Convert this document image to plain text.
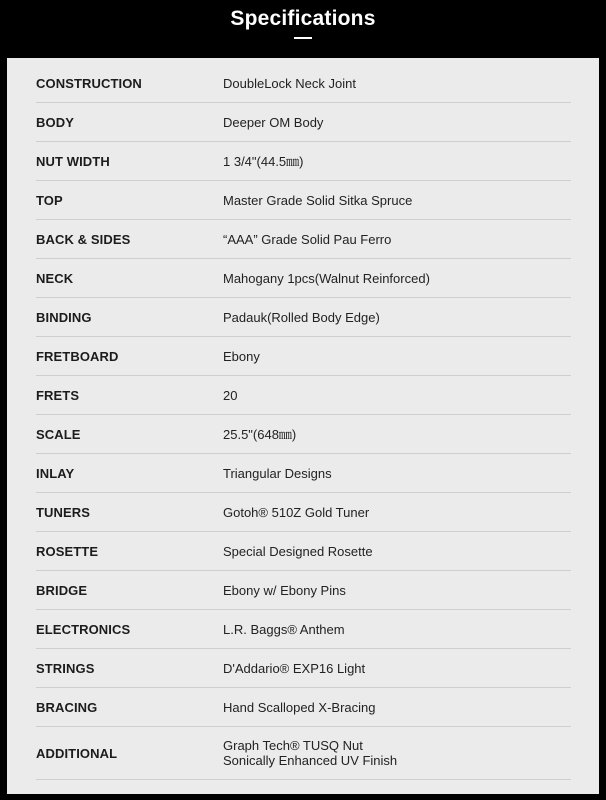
Specifications
CONSTRUCTION	DoubleLock Neck Joint
BODY	Deeper OM Body
NUT WIDTH	1 3/4"(44.5㎜)
TOP	Master Grade Solid Sitka Spruce
BACK & SIDES	“AAA” Grade Solid Pau Ferro
NECK	Mahogany 1pcs(Walnut Reinforced)
BINDING	Padauk(Rolled Body Edge)
FRETBOARD	Ebony
FRETS	20
SCALE	25.5"(648㎜)
INLAY	Triangular Designs
TUNERS	Gotoh® 510Z Gold Tuner
ROSETTE	Special Designed Rosette
BRIDGE	Ebony w/ Ebony Pins
ELECTRONICS	L.R. Baggs® Anthem
STRINGS	D'Addario® EXP16 Light
BRACING	Hand Scalloped X-Bracing
ADDITIONAL	Graph Tech® TUSQ Nut
Sonically Enhanced UV Finish
